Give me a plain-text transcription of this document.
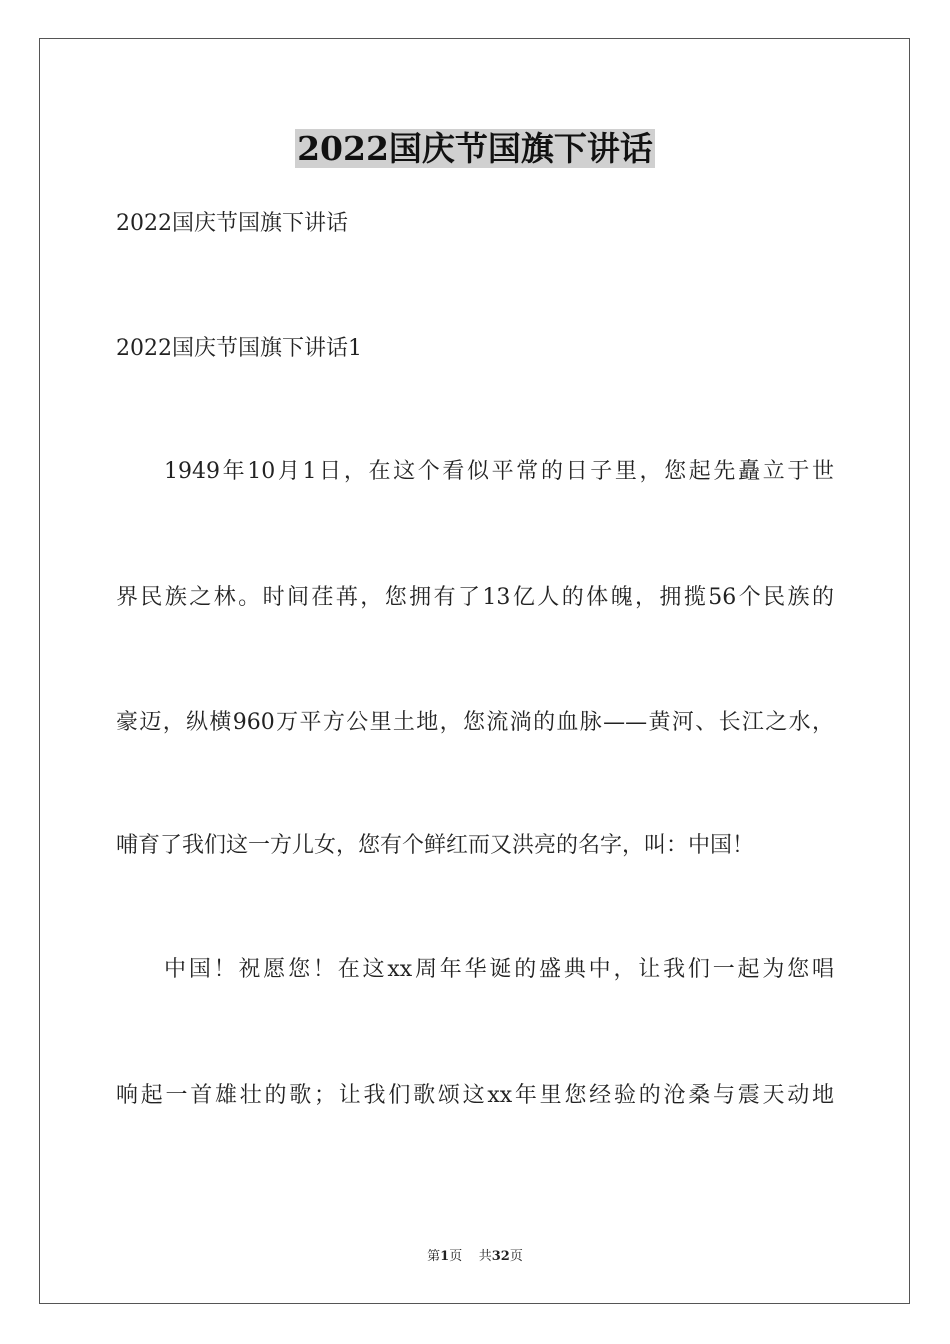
2022国庆节国旗下讲话
2022国庆节国旗下讲话
2022国庆节国旗下讲话1
1949年10月1日，在这个看似平常的日子里，您起先矗立于世
界民族之林。时间荏苒，您拥有了13亿人的体魄，拥揽56个民族的
豪迈，纵横960万平方公里土地，您流淌的血脉——黄河、长江之水，
哺育了我们这一方儿女，您有个鲜红而又洪亮的名字，叫：中国！
中国！祝愿您！在这xx周年华诞的盛典中，让我们一起为您唱
响起一首雄壮的歌；让我们歌颂这xx年里您经验的沧桑与震天动地
第1页 共32页
